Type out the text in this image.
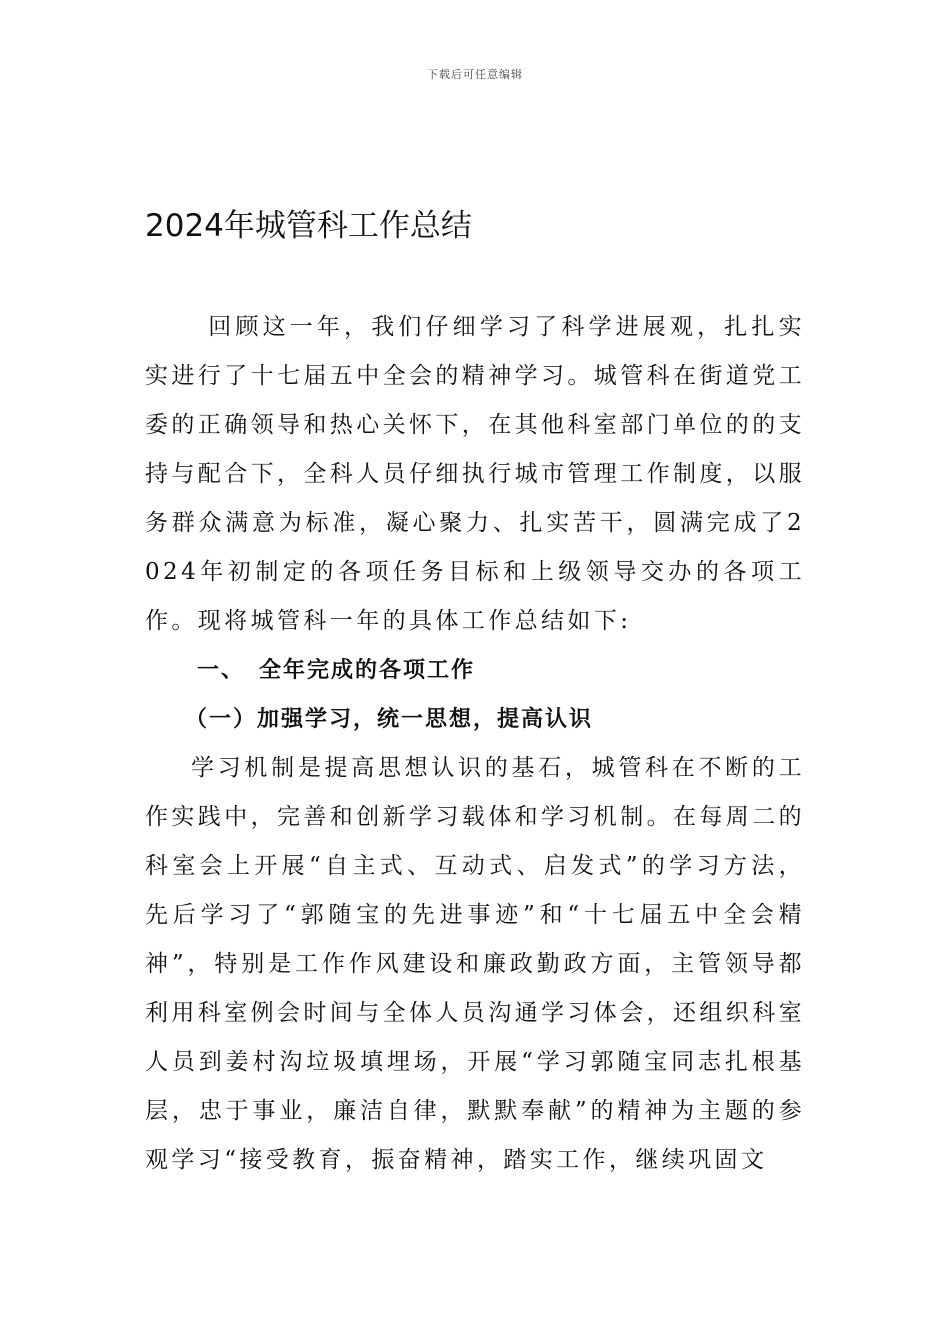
下载后可任意编辑
2024年城管科工作总结

回顾这一年，我们仔细学习了科学进展观，扎扎实实进行了十七届五中全会的精神学习。城管科在街道党工委的正确领导和热心关怀下，在其他科室部门单位的的支持与配合下，全科人员仔细执行城市管理工作制度，以服务群众满意为标准，凝心聚力、扎实苦干，圆满完成了2024年初制定的各项任务目标和上级领导交办的各项工作。现将城管科一年的具体工作总结如下:

一、 全年完成的各项工作

（一）加强学习，统一思想，提高认识

学习机制是提高思想认识的基石，城管科在不断的工作实践中，完善和创新学习载体和学习机制。在每周二的科室会上开展“自主式、互动式、启发式”的学习方法，先后学习了“郭随宝的先进事迹”和“十七届五中全会精神”，特别是工作作风建设和廉政勤政方面，主管领导都利用科室例会时间与全体人员沟通学习体会，还组织科室人员到姜村沟垃圾填埋场，开展“学习郭随宝同志扎根基层，忠于事业，廉洁自律，默默奉献”的精神为主题的参观学习“接受教育，振奋精神，踏实工作，继续巩固文
